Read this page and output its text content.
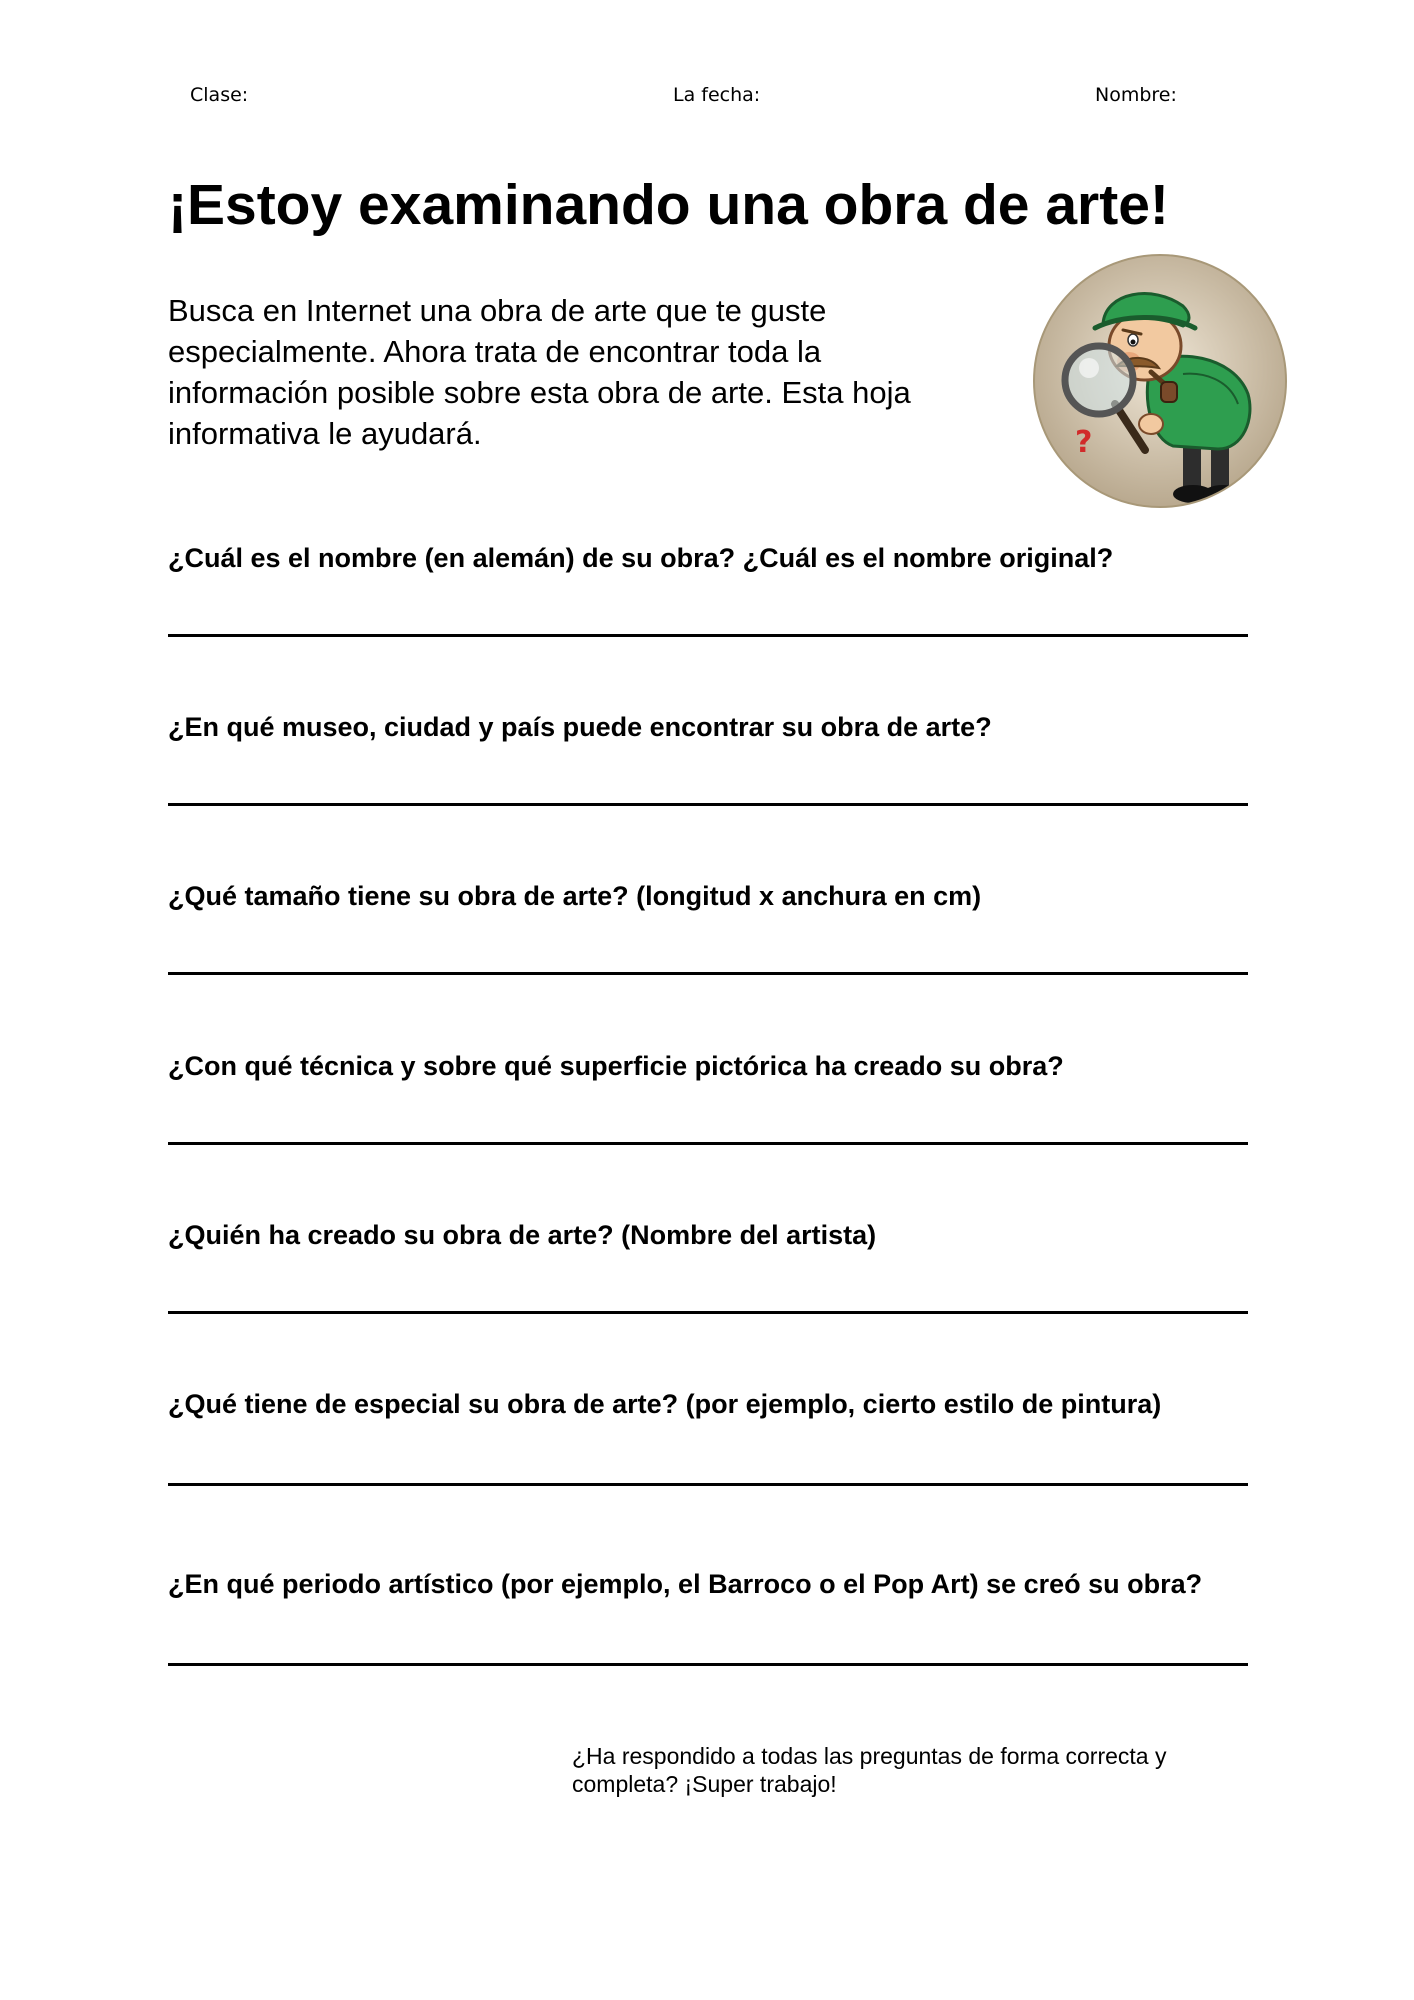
Clase:	La fecha:	Nombre:
¡Estoy examinando una obra de arte!

Busca en Internet una obra de arte que te guste especialmente. Ahora trata de encontrar toda la información posible sobre esta obra de arte. Esta hoja informativa le ayudará.	?

¿Cuál es el nombre (en alemán) de su obra? ¿Cuál es el nombre original?

¿En qué museo, ciudad y país puede encontrar su obra de arte?

¿Qué tamaño tiene su obra de arte? (longitud x anchura en cm)

¿Con qué técnica y sobre qué superficie pictórica ha creado su obra?

¿Quién ha creado su obra de arte? (Nombre del artista)

¿Qué tiene de especial su obra de arte? (por ejemplo, cierto estilo de pintura)

¿En qué periodo artístico (por ejemplo, el Barroco o el Pop Art) se creó su obra?

¿Ha respondido a todas las preguntas de forma correcta y completa? ¡Super trabajo!
